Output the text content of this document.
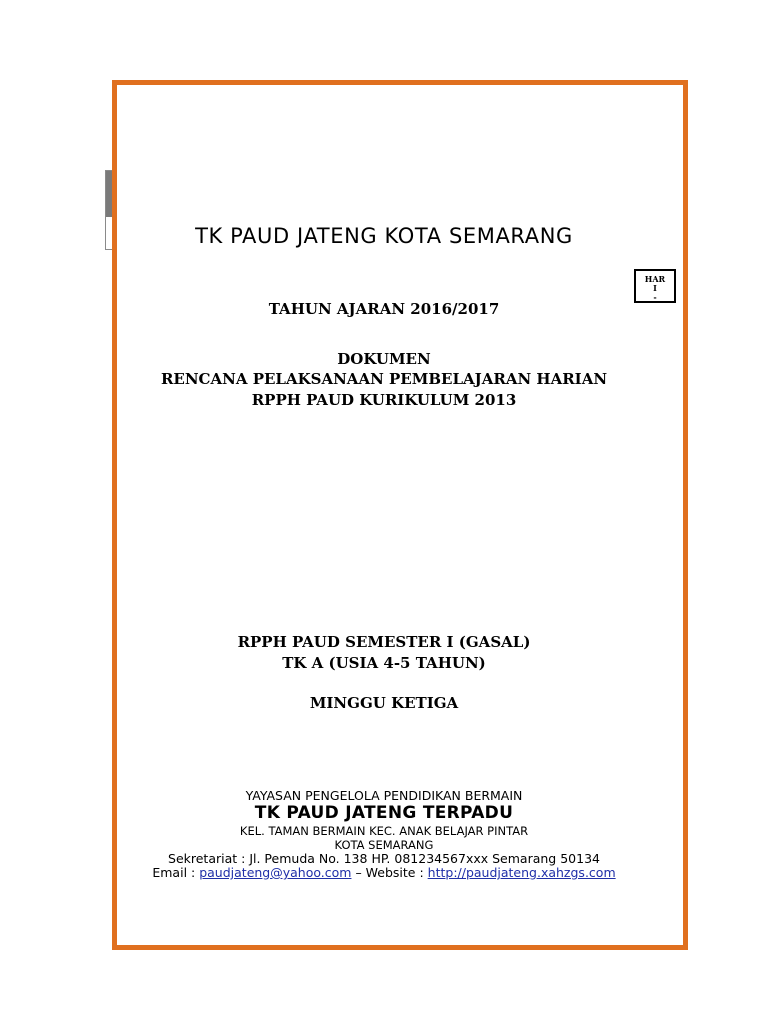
TK PAUD JATENG KOTA SEMARANG
HAR
I
_-_
TAHUN AJARAN 2016/2017
DOKUMEN
RENCANA PELAKSANAAN PEMBELAJARAN HARIAN
RPPH PAUD KURIKULUM 2013
RPPH PAUD SEMESTER I (GASAL)
TK A (USIA 4-5 TAHUN)
MINGGU KETIGA
YAYASAN PENGELOLA PENDIDIKAN BERMAIN
TK PAUD JATENG TERPADU
KEL. TAMAN BERMAIN KEC. ANAK BELAJAR PINTAR
KOTA SEMARANG
Sekretariat : Jl. Pemuda No. 138 HP. 081234567xxx Semarang 50134
Email : paudjateng@yahoo.com – Website : http://paudjateng.xahzgs.com
